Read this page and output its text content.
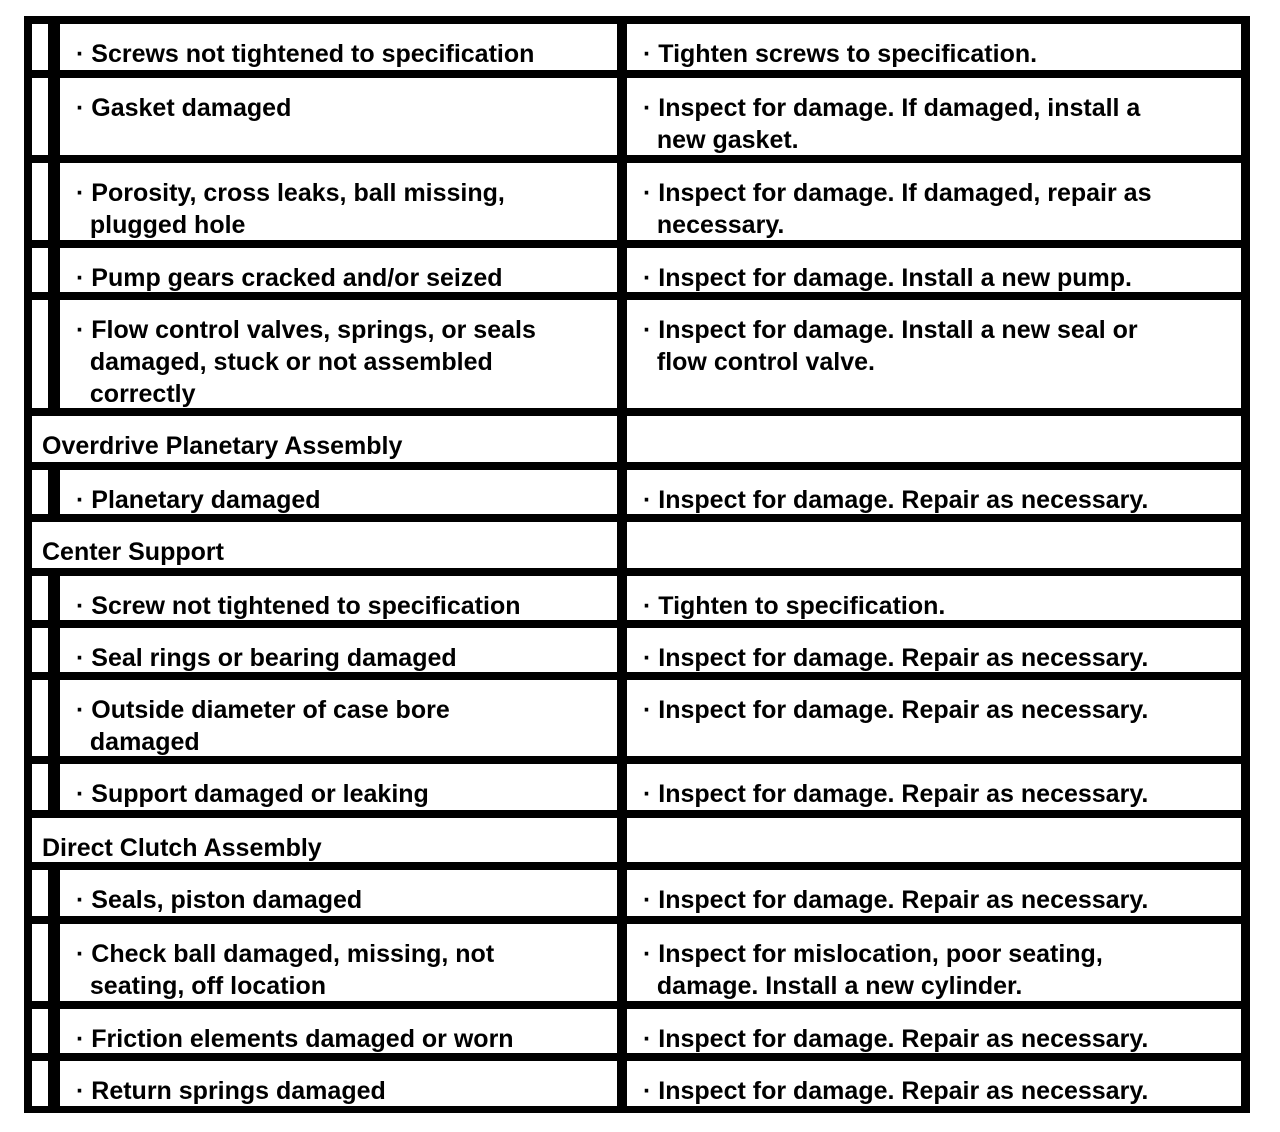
· Screws not tightened to specification	· Tighten screws to specification.
· Gasket damaged	· Inspect for damage. If damaged, install a
new gasket.
· Porosity, cross leaks, ball missing,
plugged hole
· Inspect for damage. If damaged, repair as
necessary.
· Pump gears cracked and/or seized	· Inspect for damage. Install a new pump.
· Flow control valves, springs, or seals
damaged, stuck or not assembled
correctly
· Inspect for damage. Install a new seal or
flow control valve.
Overdrive Planetary Assembly
· Planetary damaged	· Inspect for damage. Repair as necessary.
Center Support
· Screw not tightened to specification	· Tighten to specification.
· Seal rings or bearing damaged	· Inspect for damage. Repair as necessary.
· Outside diameter of case bore
damaged
· Inspect for damage. Repair as necessary.
· Support damaged or leaking	· Inspect for damage. Repair as necessary.
Direct Clutch Assembly
· Seals, piston damaged	· Inspect for damage. Repair as necessary.
· Check ball damaged, missing, not
seating, off location
· Inspect for mislocation, poor seating,
damage. Install a new cylinder.
· Friction elements damaged or worn	· Inspect for damage. Repair as necessary.
· Return springs damaged	· Inspect for damage. Repair as necessary.
